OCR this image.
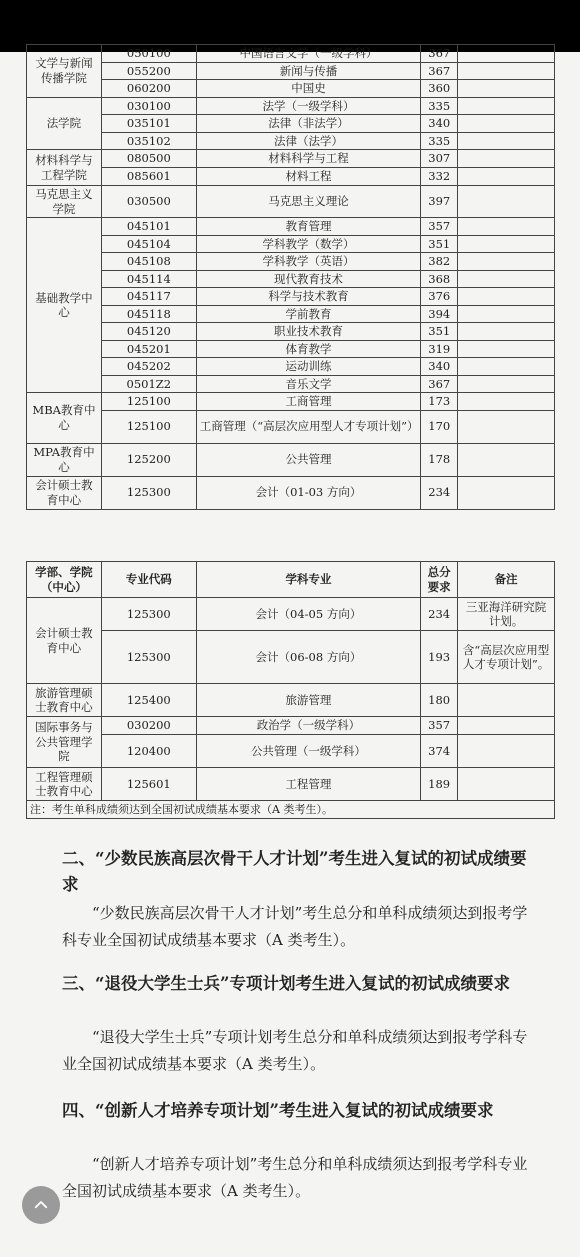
文学与新闻传播学院	050100	中国语言文学（一级学科）	367	
	055200	新闻与传播	367	
	060200	中国史	360	
法学院	030100	法学（一级学科）	335	
	035101	法律（非法学）	340	
	035102	法律（法学）	335	
材料科学与工程学院	080500	材料科学与工程	307	
	085601	材料工程	332	
马克思主义学院	030500	马克思主义理论	397	
基础教学中心	045101	教育管理	357	
	045104	学科教学（数学）	351	
	045108	学科教学（英语）	382	
	045114	现代教育技术	368	
	045117	科学与技术教育	376	
	045118	学前教育	394	
	045120	职业技术教育	351	
	045201	体育教学	319	
	045202	运动训练	340	
	0501Z2	音乐文学	367	
MBA教育中心	125100	工商管理	173	
	125100	工商管理（“高层次应用型人才专项计划”）	170	
MPA教育中心	125200	公共管理	178	
会计硕士教育中心	125300	会计（01-03 方向）	234	
学部、学院（中心）	专业代码	学科专业	总分要求	备注
会计硕士教育中心	125300	会计（04-05 方向）	234	三亚海洋研究院计划。
	125300	会计（06-08 方向）	193	含“高层次应用型人才专项计划”。
旅游管理硕士教育中心	125400	旅游管理	180	
国际事务与公共管理学院	030200	政治学（一级学科）	357	
	120400	公共管理（一级学科）	374	
工程管理硕士教育中心	125601	工程管理	189	
注：考生单科成绩须达到全国初试成绩基本要求（A 类考生）。				
二、“少数民族高层次骨干人才计划”考生进入复试的初试成绩要求
“少数民族高层次骨干人才计划”考生总分和单科成绩须达到报考学科专业全国初试成绩基本要求（A 类考生）。
三、“退役大学生士兵”专项计划考生进入复试的初试成绩要求
“退役大学生士兵”专项计划考生总分和单科成绩须达到报考学科专业全国初试成绩基本要求（A 类考生）。
四、“创新人才培养专项计划”考生进入复试的初试成绩要求
“创新人才培养专项计划”考生总分和单科成绩须达到报考学科专业全国初试成绩基本要求（A 类考生）。
